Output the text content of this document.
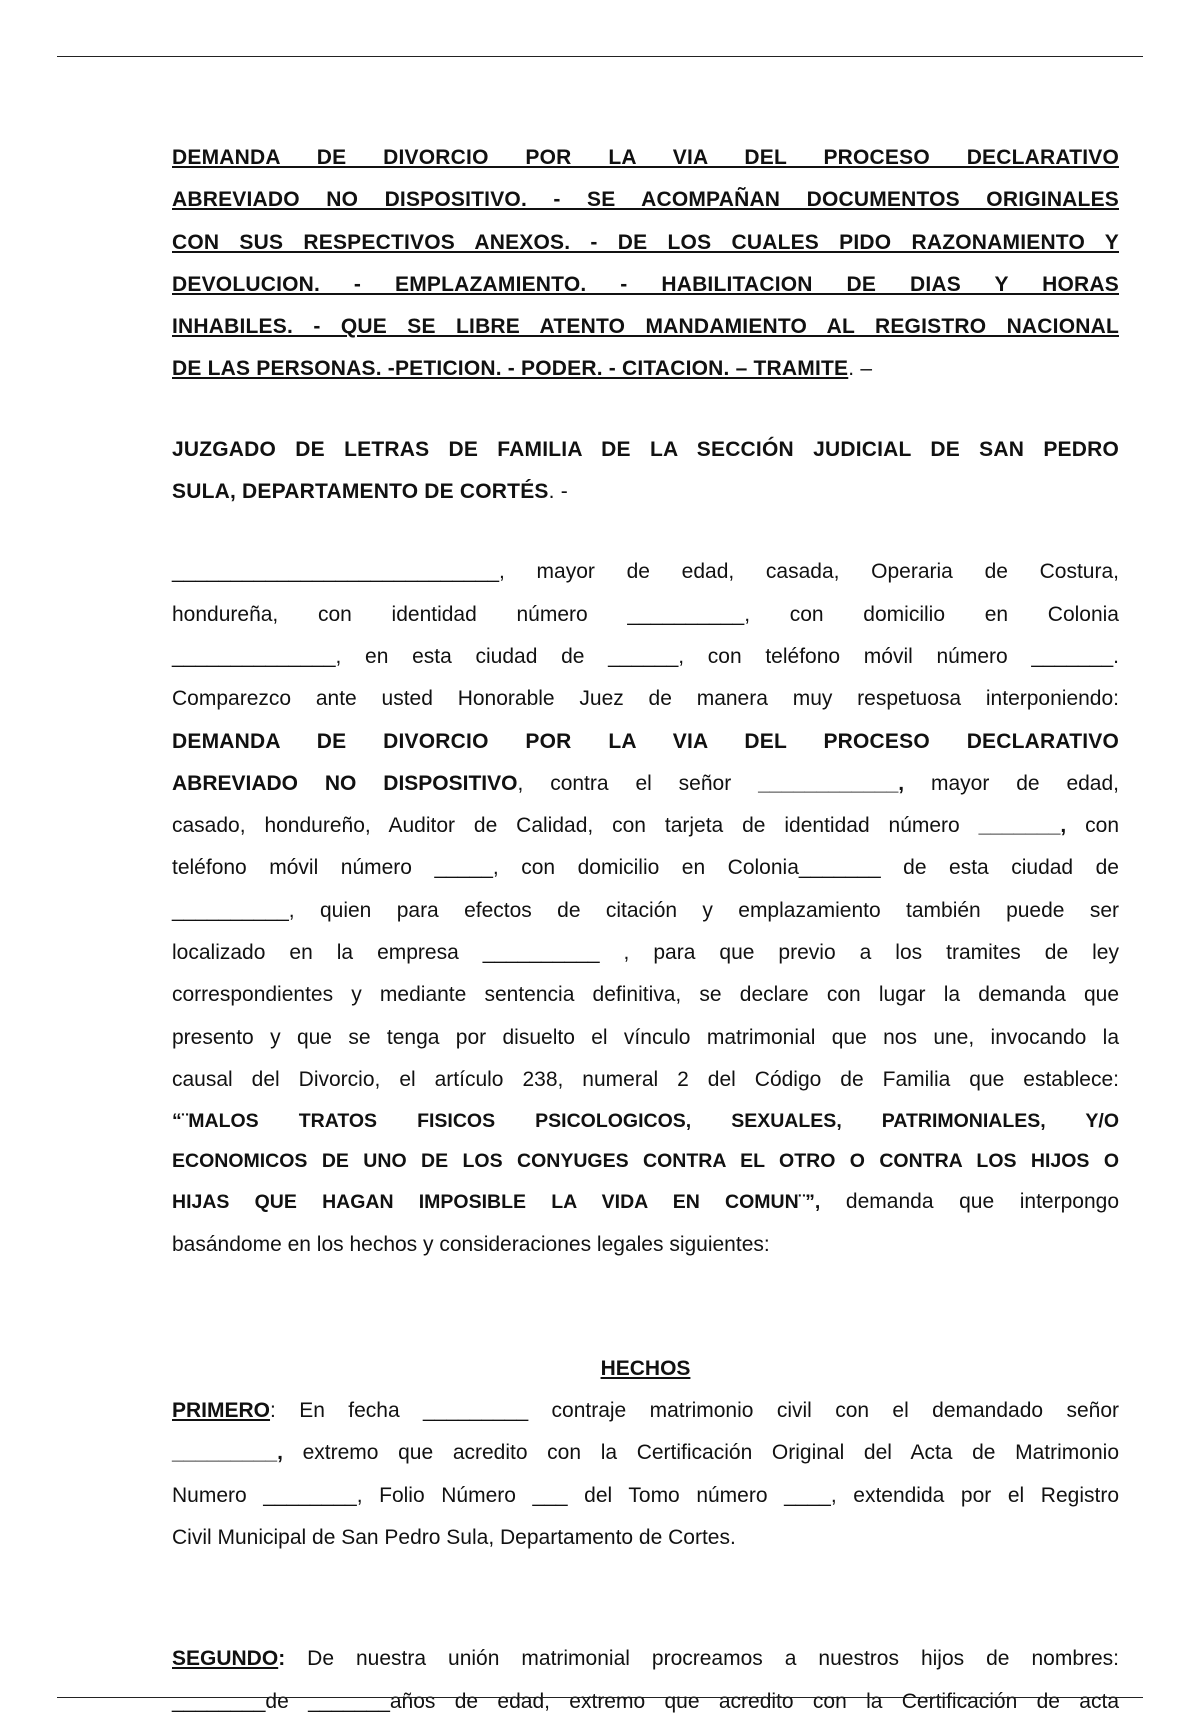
DEMANDA DE DIVORCIO POR LA VIA DEL PROCESO DECLARATIVO

ABREVIADO NO DISPOSITIVO. - SE ACOMPAÑAN DOCUMENTOS ORIGINALES

CON SUS RESPECTIVOS ANEXOS. - DE LOS CUALES PIDO RAZONAMIENTO Y

DEVOLUCION. - EMPLAZAMIENTO. - HABILITACION DE DIAS Y HORAS

INHABILES. - QUE SE LIBRE ATENTO MANDAMIENTO AL REGISTRO NACIONAL

DE LAS PERSONAS. -PETICION. - PODER. - CITACION. – TRAMITE. –

JUZGADO DE LETRAS DE FAMILIA DE LA SECCIÓN JUDICIAL DE SAN PEDRO

SULA, DEPARTAMENTO DE CORTÉS. -

____________________________, mayor de edad, casada, Operaria de Costura,

hondureña, con identidad número __________, con domicilio en Colonia

______________, en esta ciudad de ______, con teléfono móvil número _______.

Comparezco ante usted Honorable Juez de manera muy respetuosa interponiendo:

DEMANDA DE DIVORCIO POR LA VIA DEL PROCESO DECLARATIVO

ABREVIADO NO DISPOSITIVO, contra el señor ____________, mayor de edad,

casado, hondureño, Auditor de Calidad, con tarjeta de identidad número _______, con

teléfono móvil número _____, con domicilio en Colonia_______ de esta ciudad de

__________, quien para efectos de citación y emplazamiento también puede ser

localizado en la empresa __________ , para que previo a los tramites de ley

correspondientes y mediante sentencia definitiva, se declare con lugar la demanda que

presento y que se tenga por disuelto el vínculo matrimonial que nos une, invocando la

causal del Divorcio, el artículo 238, numeral 2 del Código de Familia que establece:

“¨MALOS TRATOS FISICOS PSICOLOGICOS, SEXUALES, PATRIMONIALES, Y/O

ECONOMICOS DE UNO DE LOS CONYUGES CONTRA EL OTRO O CONTRA LOS HIJOS O

HIJAS QUE HAGAN IMPOSIBLE LA VIDA EN COMUN¨”, demanda que interpongo

basándome en los hechos y consideraciones legales siguientes:

HECHOS

PRIMERO: En fecha _________ contraje matrimonio civil con el demandado señor

_________, extremo que acredito con la Certificación Original del Acta de Matrimonio

Numero ________, Folio Número ___ del Tomo número ____, extendida por el Registro

Civil Municipal de San Pedro Sula, Departamento de Cortes.

SEGUNDO: De nuestra unión matrimonial procreamos a nuestros hijos de nombres:

________de _______años de edad, extremo que acredito con la Certificación de acta
